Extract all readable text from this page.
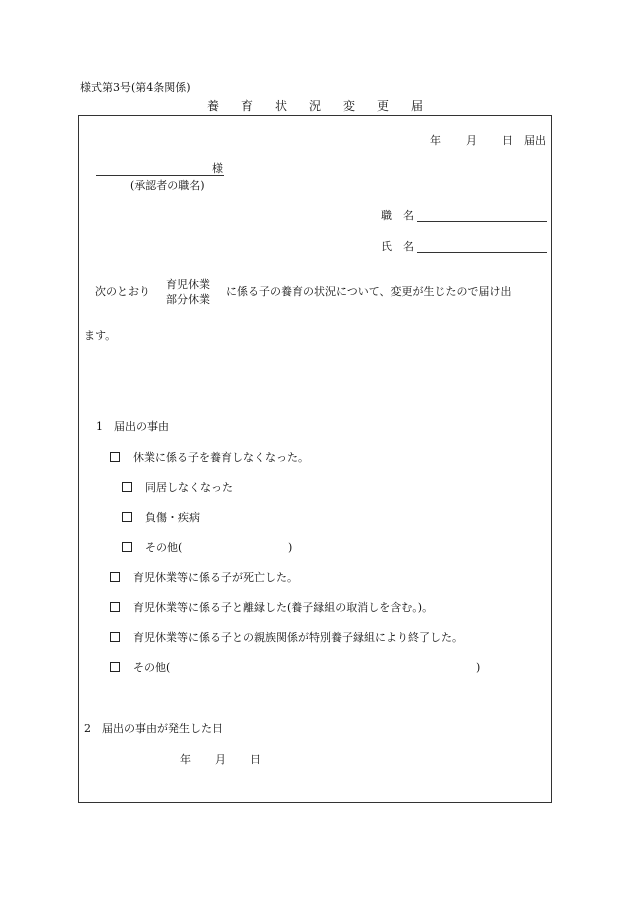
様式第3号(第4条関係)
養 育 状 況 変 更 届
年 月 日 届出
様
(承認者の職名)
職　名
氏　名
次のとおり
育児休業
部分休業
に係る子の養育の状況について、変更が生じたので届け出
ます。
1　届出の事由
休業に係る子を養育しなくなった。
同居しなくなった
負傷・疾病
その他(	)
育児休業等に係る子が死亡した。
育児休業等に係る子と離縁した(養子縁組の取消しを含む。)。
育児休業等に係る子との親族関係が特別養子縁組により終了した。
その他(	)
2　届出の事由が発生した日
年 月 日
